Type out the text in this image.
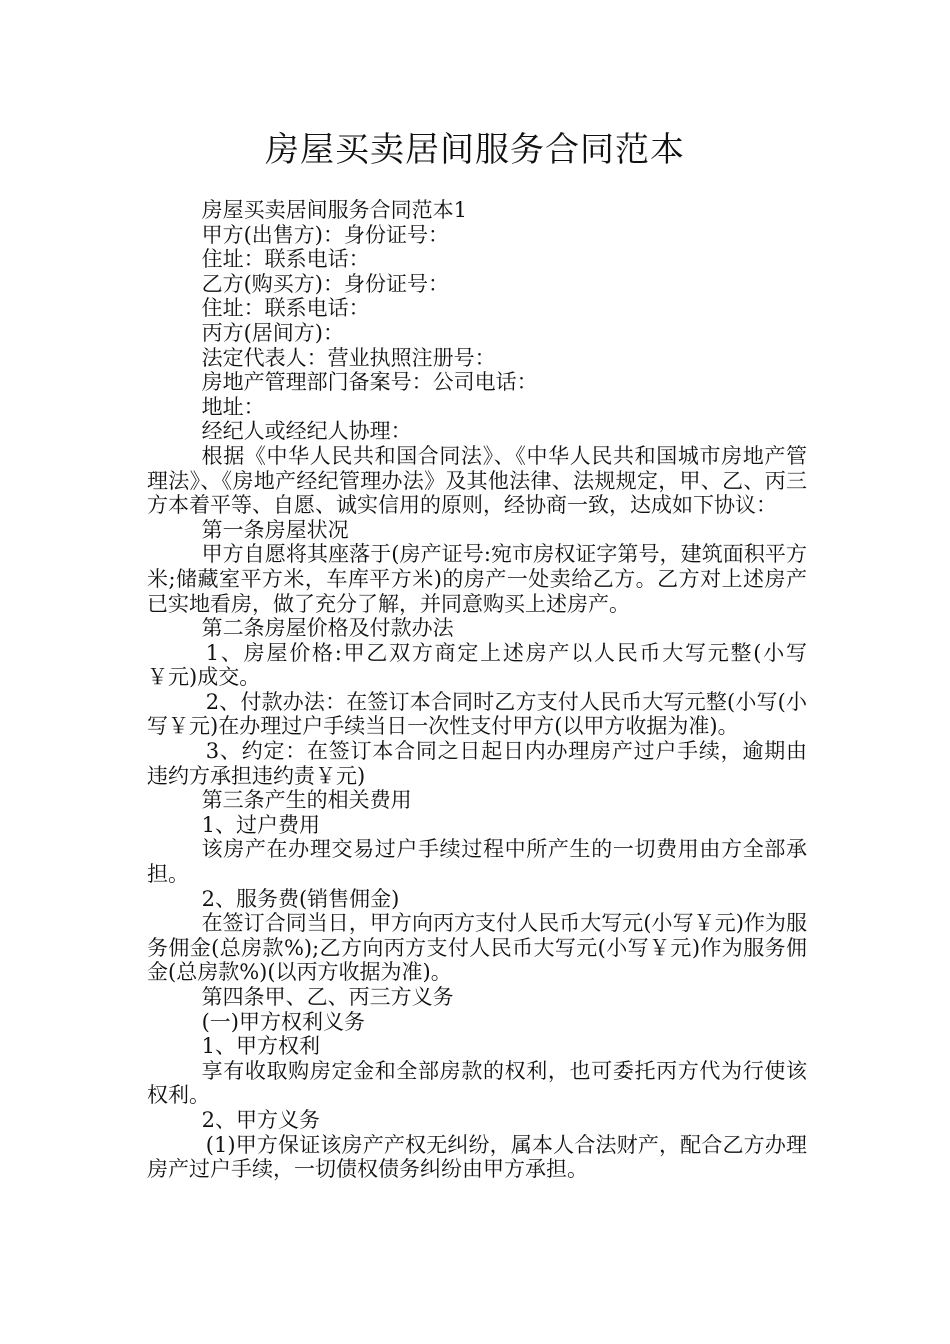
房屋买卖居间服务合同范本

房屋买卖居间服务合同范本1

甲方(出售方)：身份证号：

住址：联系电话：

乙方(购买方)：身份证号：

住址：联系电话：

丙方(居间方)：

法定代表人：营业执照注册号：

房地产管理部门备案号：公司电话：

地址：

经纪人或经纪人协理：

根据《中华人民共和国合同法》、《中华人民共和国城市房地产管理法》、《房地产经纪管理办法》及其他法律、法规规定，甲、乙、丙三方本着平等、自愿、诚实信用的原则，经协商一致，达成如下协议：

第一条房屋状况

甲方自愿将其座落于(房产证号:宛市房权证字第号，建筑面积平方米;储藏室平方米，车库平方米)的房产一处卖给乙方。乙方对上述房产已实地看房，做了充分了解，并同意购买上述房产。

第二条房屋价格及付款办法

1、房屋价格:甲乙双方商定上述房产以人民币大写元整(小写￥元)成交。

2、付款办法：在签订本合同时乙方支付人民币大写元整(小写(小写￥元)在办理过户手续当日一次性支付甲方(以甲方收据为准)。

3、约定：在签订本合同之日起日内办理房产过户手续，逾期由违约方承担违约责￥元)

第三条产生的相关费用

1、过户费用

该房产在办理交易过户手续过程中所产生的一切费用由方全部承担。

2、服务费(销售佣金)

在签订合同当日，甲方向丙方支付人民币大写元(小写￥元)作为服务佣金(总房款%);乙方向丙方支付人民币大写元(小写￥元)作为服务佣金(总房款%)(以丙方收据为准)。

第四条甲、乙、丙三方义务

(一)甲方权利义务

1、甲方权利

享有收取购房定金和全部房款的权利，也可委托丙方代为行使该权利。

2、甲方义务

(1)甲方保证该房产产权无纠纷，属本人合法财产，配合乙方办理房产过户手续，一切债权债务纠纷由甲方承担。
